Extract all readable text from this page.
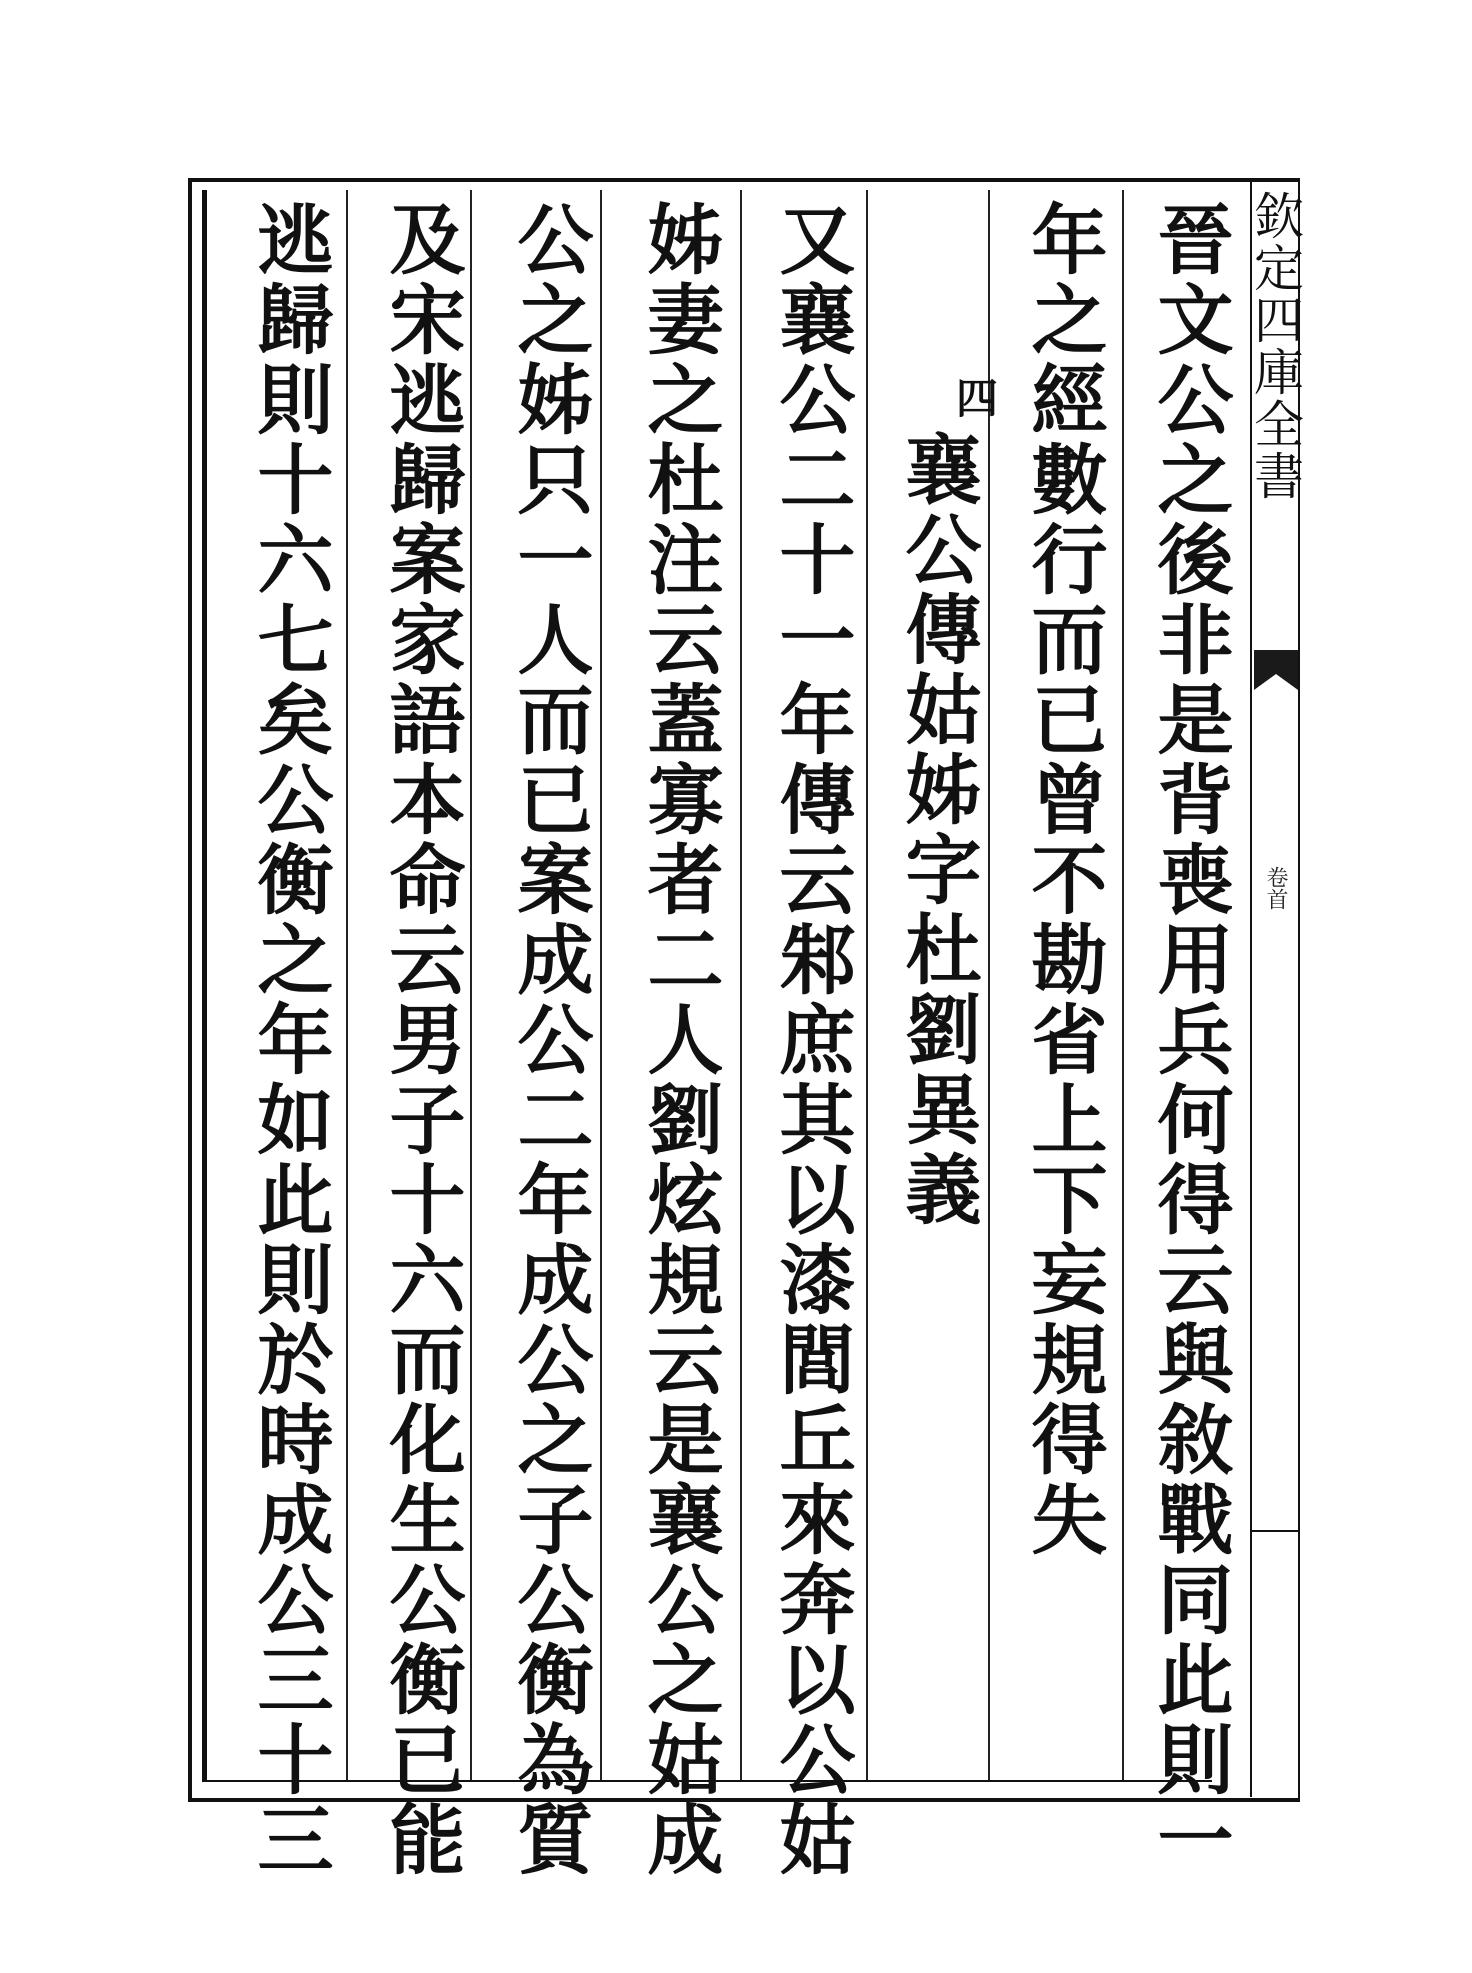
欽定四庫全書
卷首
晉文公之後非是背喪用兵何得云與敘戰同此則一
年之經數行而已曾不勘省上下妄規得失
四
襄公傳姑姊字杜劉異義
又襄公二十一年傳云邾庶其以漆閭丘來奔以公姑
姊妻之杜注云蓋寡者二人劉炫規云是襄公之姑成
公之姊只一人而已案成公二年成公之子公衡為質
及宋逃歸案家語本命云男子十六而化生公衡已能
逃歸則十六七矣公衡之年如此則於時成公三十三
